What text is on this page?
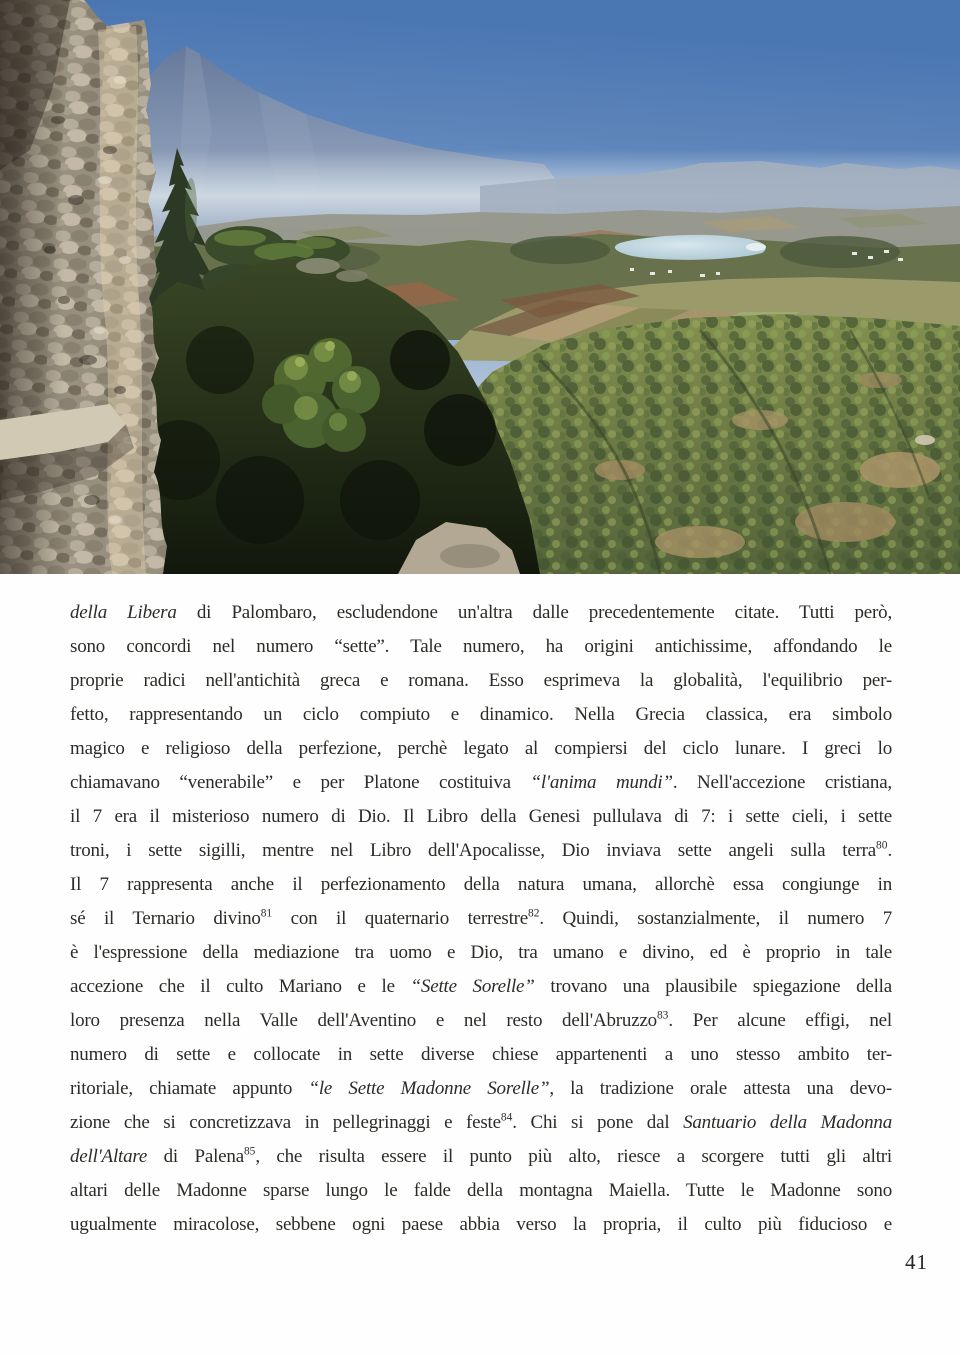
della Libera di Palombaro, escludendone un'altra dalle precedentemente citate. Tutti però,
sono concordi nel numero “sette”. Tale numero, ha origini antichissime, affondando le
proprie radici nell'antichità greca e romana. Esso esprimeva la globalità, l'equilibrio per-
fetto, rappresentando un ciclo compiuto e dinamico. Nella Grecia classica, era simbolo
magico e religioso della perfezione, perchè legato al compiersi del ciclo lunare. I greci lo
chiamavano “venerabile” e per Platone costituiva “l'anima mundi”. Nell'accezione cristiana,
il 7 era il misterioso numero di Dio. Il Libro della Genesi pullulava di 7: i sette cieli, i sette
troni, i sette sigilli, mentre nel Libro dell'Apocalisse, Dio inviava sette angeli sulla terra$^{80}$.
Il 7 rappresenta anche il perfezionamento della natura umana, allorchè essa congiunge in
sé il Ternario divino$^{81}$ con il quaternario terrestre$^{82}$. Quindi, sostanzialmente, il numero 7
è l'espressione della mediazione tra uomo e Dio, tra umano e divino, ed è proprio in tale
accezione che il culto Mariano e le “Sette Sorelle” trovano una plausibile spiegazione della
loro presenza nella Valle dell'Aventino e nel resto dell'Abruzzo$^{83}$. Per alcune effigi, nel
numero di sette e collocate in sette diverse chiese appartenenti a uno stesso ambito ter-
ritoriale, chiamate appunto “le Sette Madonne Sorelle”, la tradizione orale attesta una devo-
zione che si concretizzava in pellegrinaggi e feste$^{84}$. Chi si pone dal Santuario della Madonna
dell'Altare di Palena$^{85}$, che risulta essere il punto più alto, riesce a scorgere tutti gli altri
altari delle Madonne sparse lungo le falde della montagna Maiella. Tutte le Madonne sono
ugualmente miracolose, sebbene ogni paese abbia verso la propria, il culto più fiducioso e
41
